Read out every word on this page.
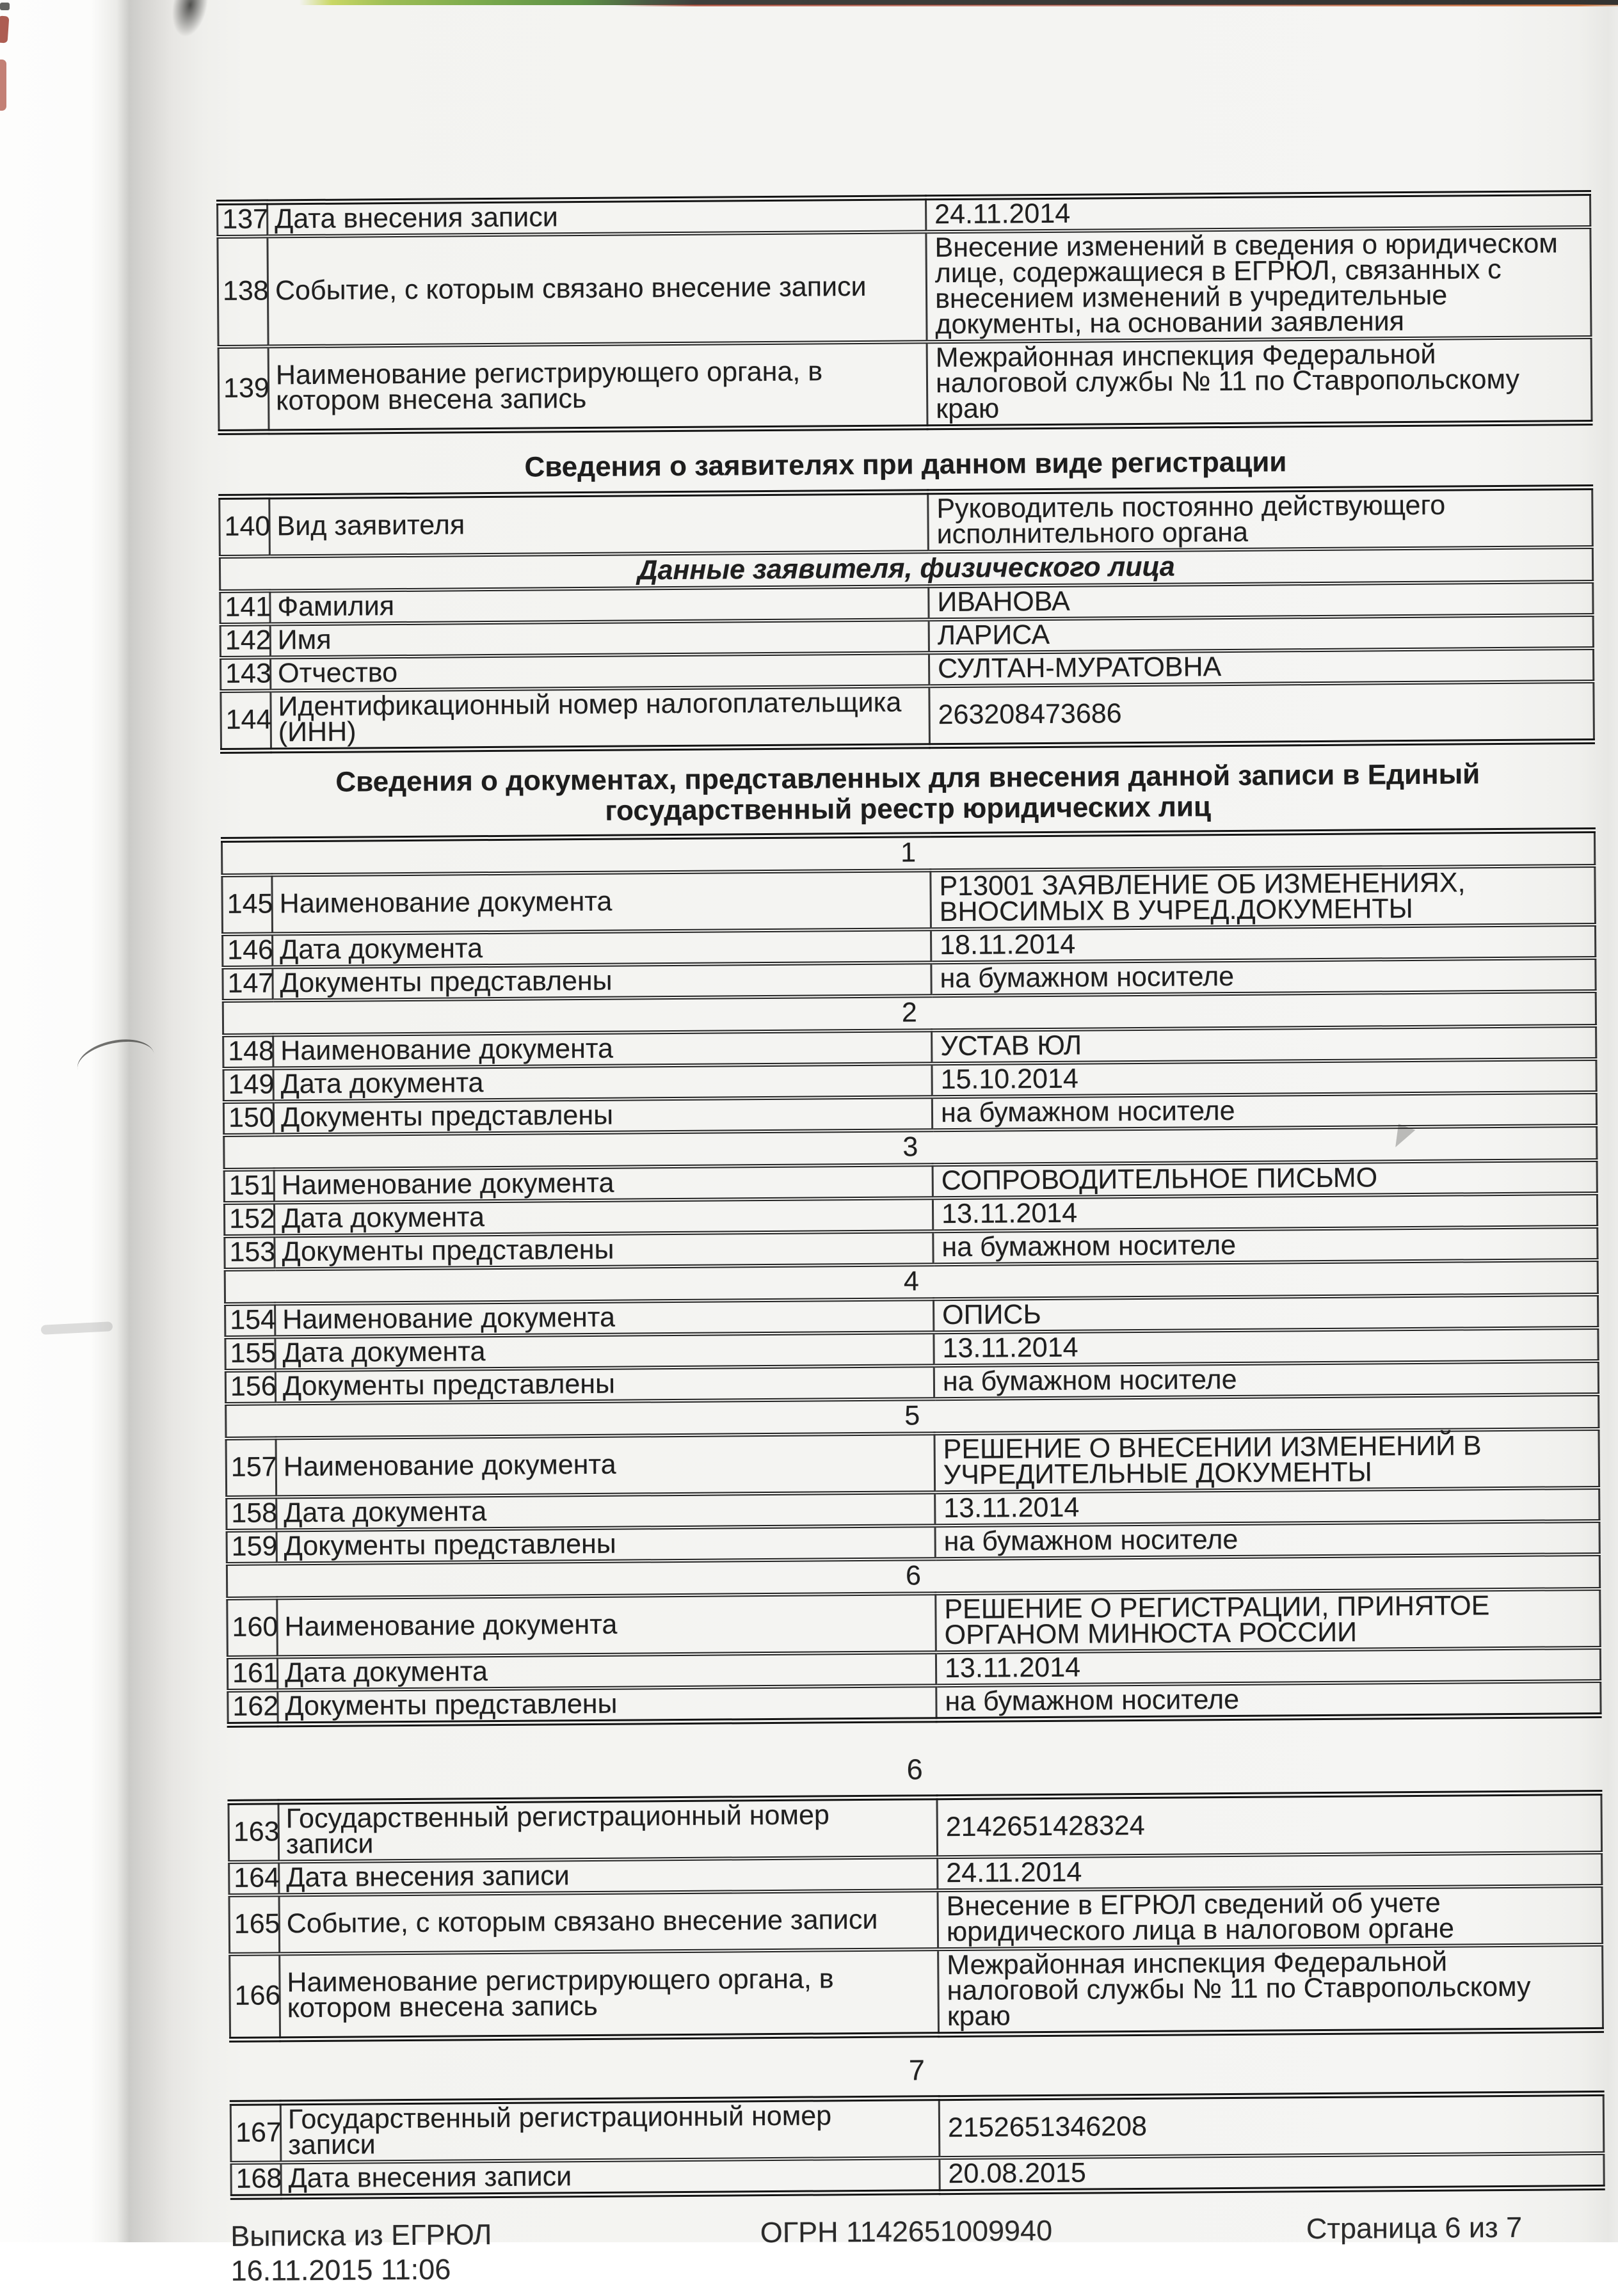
137	Дата внесения записи	24.11.2014
138	Событие, с которым связано внесение записи	Внесение изменений в сведения о юридическом лице, содержащиеся в ЕГРЮЛ, связанных с внесением изменений в учредительные документы, на основании заявления
139	Наименование регистрирующего органа, в котором внесена запись	Межрайонная инспекция Федеральной налоговой службы № 11 по Ставропольскому краю
Сведения о заявителях при данном виде регистрации
140	Вид заявителя	Руководитель постоянно действующего исполнительного органа
Данные заявителя, физического лица		
141	Фамилия	ИВАНОВА
142	Имя	ЛАРИСА
143	Отчество	СУЛТАН-МУРАТОВНА
144	Идентификационный номер налогоплательщика (ИНН)	263208473686
Сведения о документах, представленных для внесения данной записи в Единый государственный реестр юридических лиц
1		
145	Наименование документа	Р13001 ЗАЯВЛЕНИЕ ОБ ИЗМЕНЕНИЯХ, ВНОСИМЫХ В УЧРЕД.ДОКУМЕНТЫ
146	Дата документа	18.11.2014
147	Документы представлены	на бумажном носителе
2		
148	Наименование документа	УСТАВ ЮЛ
149	Дата документа	15.10.2014
150	Документы представлены	на бумажном носителе
3		
151	Наименование документа	СОПРОВОДИТЕЛЬНОЕ ПИСЬМО
152	Дата документа	13.11.2014
153	Документы представлены	на бумажном носителе
4		
154	Наименование документа	ОПИСЬ
155	Дата документа	13.11.2014
156	Документы представлены	на бумажном носителе
5		
157	Наименование документа	РЕШЕНИЕ О ВНЕСЕНИИ ИЗМЕНЕНИЙ В УЧРЕДИТЕЛЬНЫЕ ДОКУМЕНТЫ
158	Дата документа	13.11.2014
159	Документы представлены	на бумажном носителе
6		
160	Наименование документа	РЕШЕНИЕ О РЕГИСТРАЦИИ, ПРИНЯТОЕ ОРГАНОМ МИНЮСТА РОССИИ
161	Дата документа	13.11.2014
162	Документы представлены	на бумажном носителе
6
163	Государственный регистрационный номер записи	2142651428324
164	Дата внесения записи	24.11.2014
165	Событие, с которым связано внесение записи	Внесение в ЕГРЮЛ сведений об учете юридического лица в налоговом органе
166	Наименование регистрирующего органа, в котором внесена запись	Межрайонная инспекция Федеральной налоговой службы № 11 по Ставропольскому краю
7
167	Государственный регистрационный номер записи	2152651346208
168	Дата внесения записи	20.08.2015
Выписка из ЕГРЮЛ
16.11.2015 11:06
ОГРН 1142651009940	Страница 6 из 7
